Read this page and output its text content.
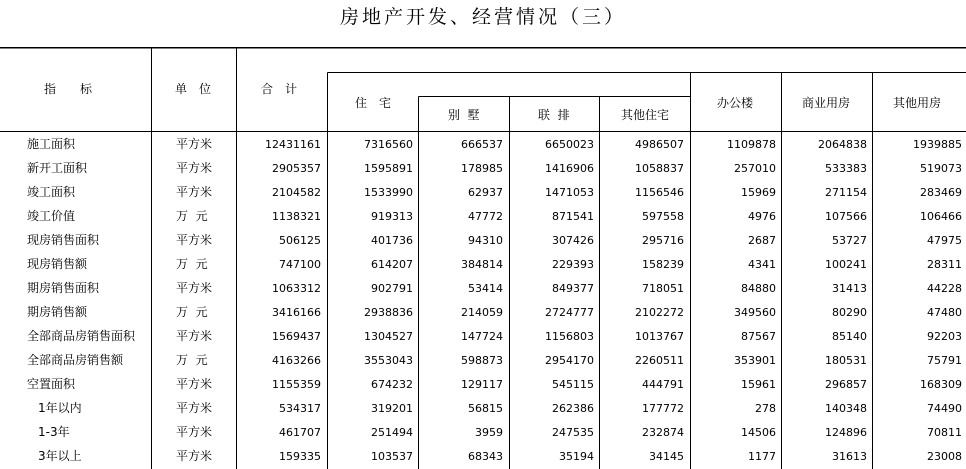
房地产开发、经营情况（三）
指　　标	单　位	合　计
住　宅
别  墅	联  排	其他住宅
办公楼	商业用房	其他用房
施工面积	平方米	12431161	7316560	666537	6650023	4986507	1109878	2064838	1939885
新开工面积	平方米	2905357	1595891	178985	1416906	1058837	257010	533383	519073
竣工面积	平方米	2104582	1533990	62937	1471053	1156546	15969	271154	283469
竣工价值	万  元	1138321	919313	47772	871541	597558	4976	107566	106466
现房销售面积	平方米	506125	401736	94310	307426	295716	2687	53727	47975
现房销售额	万  元	747100	614207	384814	229393	158239	4341	100241	28311
期房销售面积	平方米	1063312	902791	53414	849377	718051	84880	31413	44228
期房销售额	万  元	3416166	2938836	214059	2724777	2102272	349560	80290	47480
全部商品房销售面积	平方米	1569437	1304527	147724	1156803	1013767	87567	85140	92203
全部商品房销售额	万  元	4163266	3553043	598873	2954170	2260511	353901	180531	75791
空置面积	平方米	1155359	674232	129117	545115	444791	15961	296857	168309
1年以内	平方米	534317	319201	56815	262386	177772	278	140348	74490
1-3年	平方米	461707	251494	3959	247535	232874	14506	124896	70811
3年以上	平方米	159335	103537	68343	35194	34145	1177	31613	23008
